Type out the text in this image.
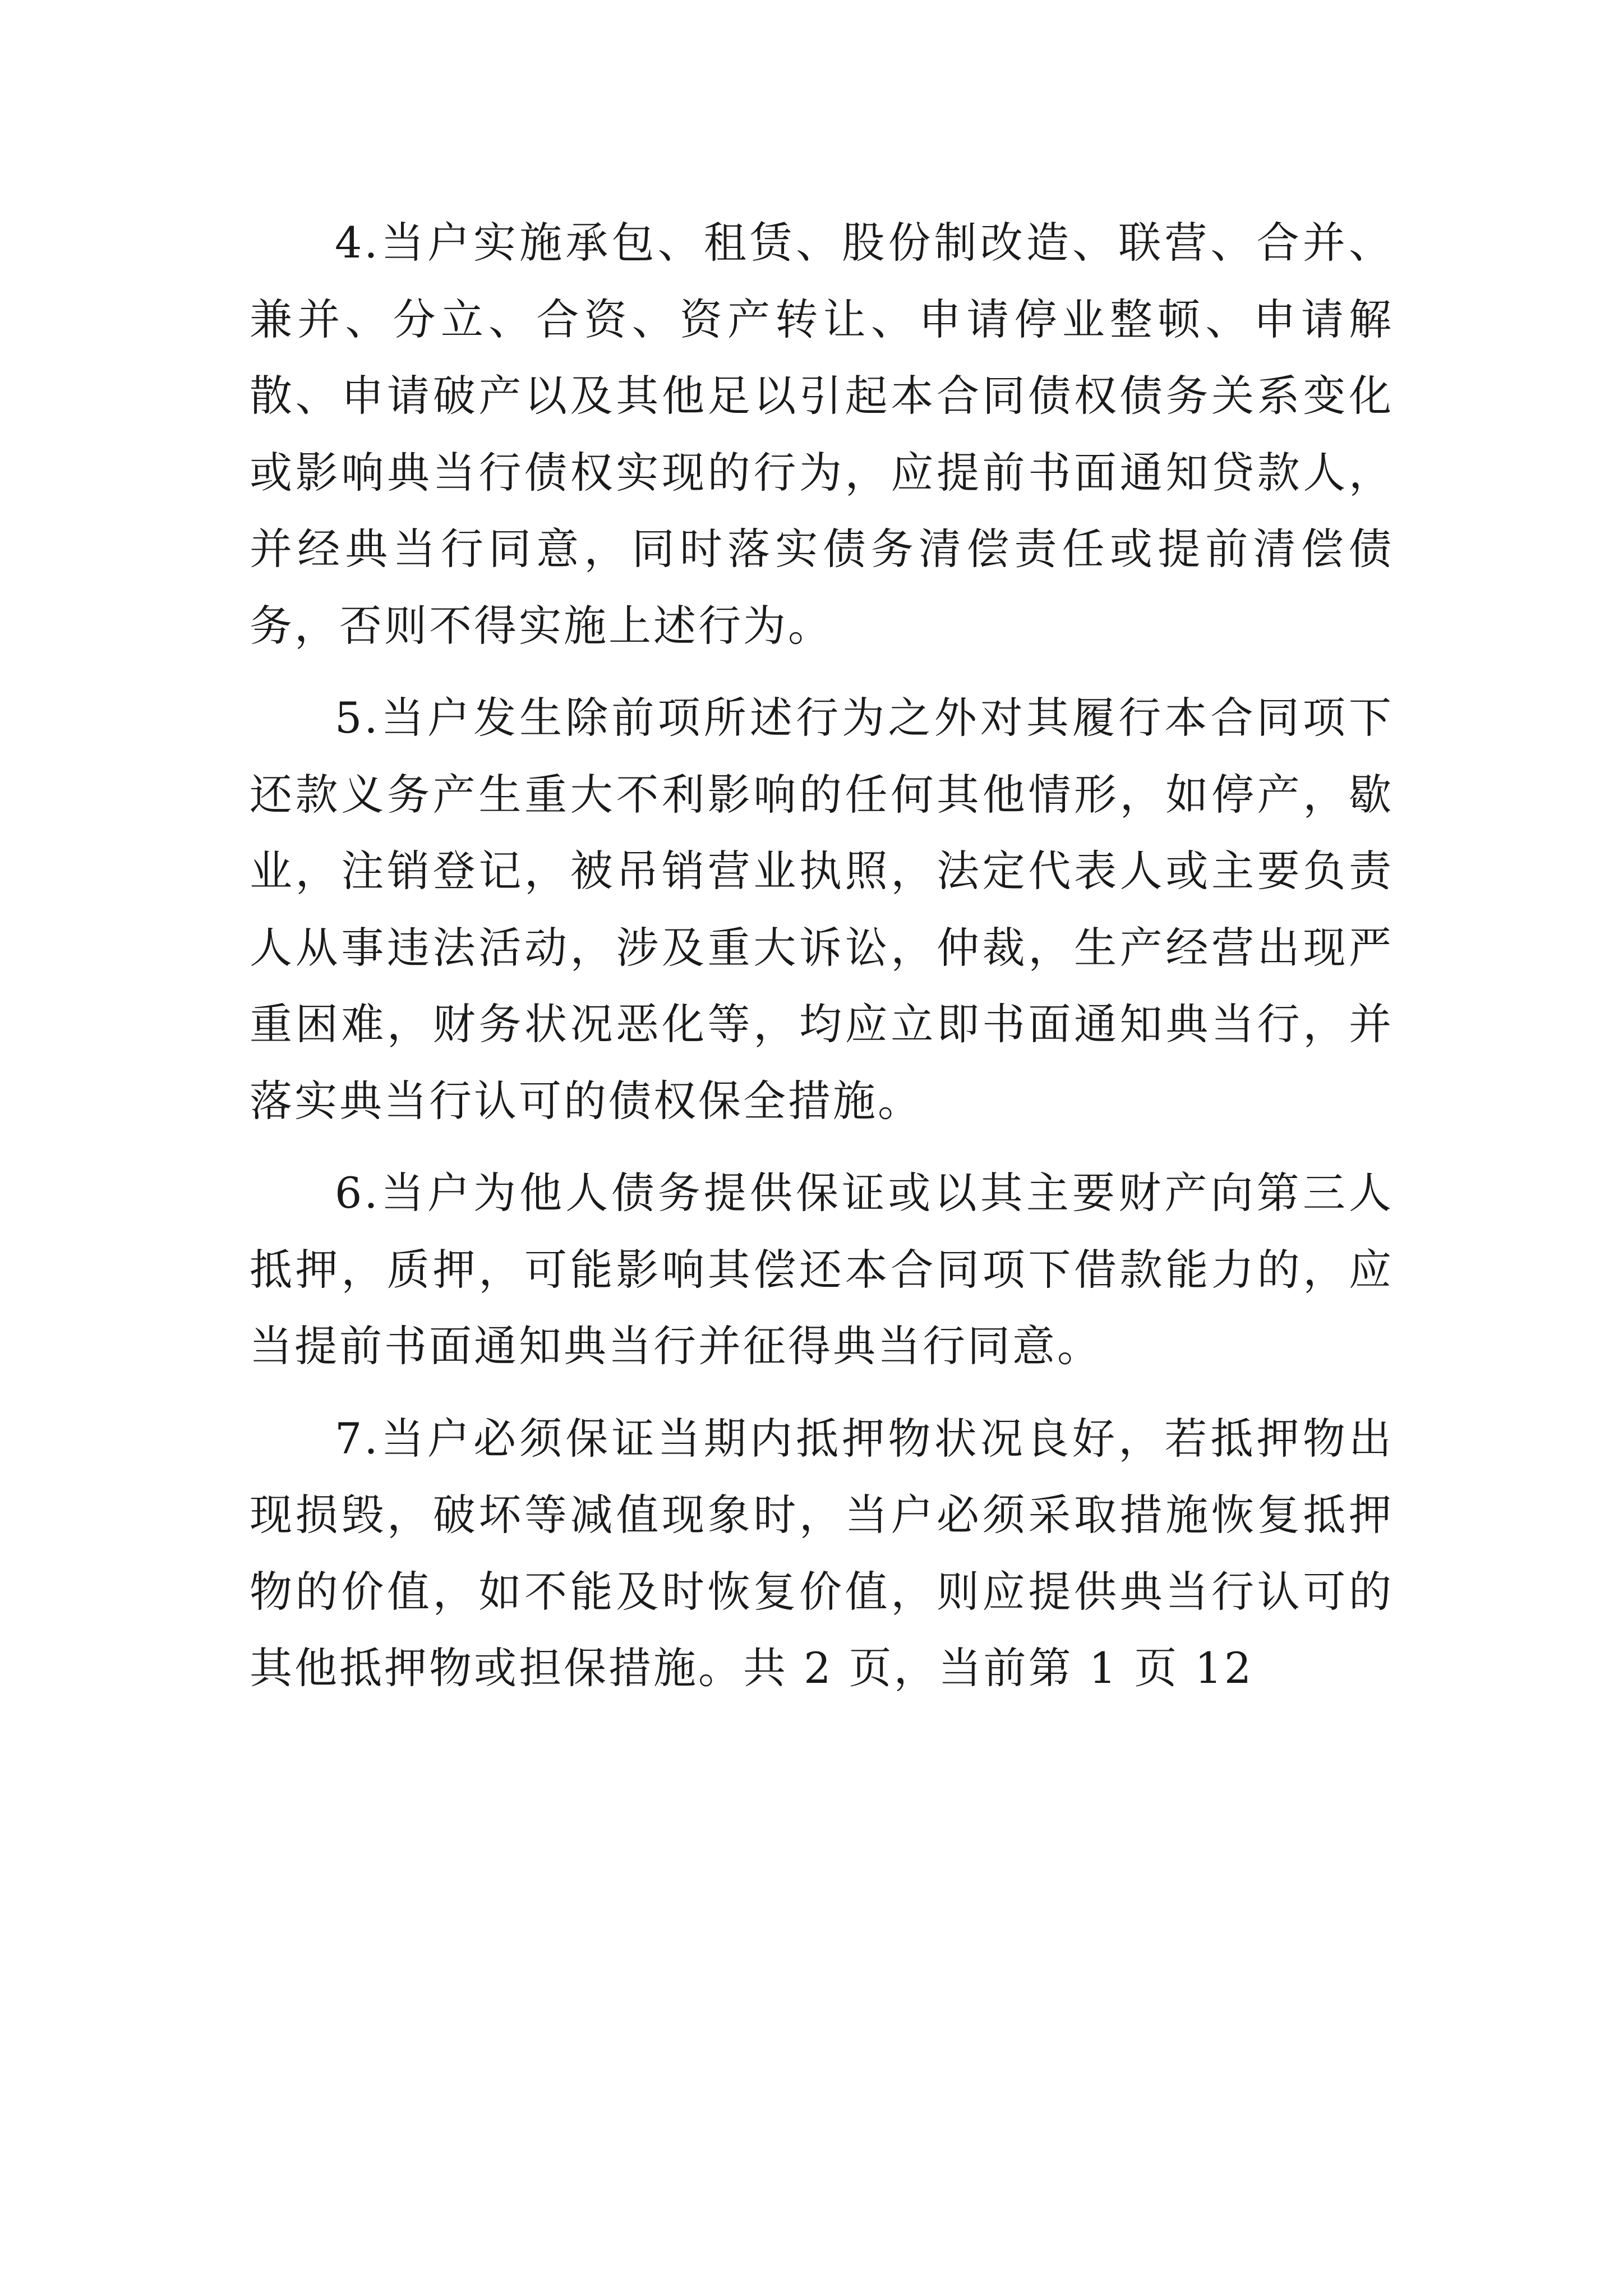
4.当户实施承包、租赁、股份制改造、联营、合并、兼并、分立、合资、资产转让、申请停业整顿、申请解散、申请破产以及其他足以引起本合同债权债务关系变化或影响典当行债权实现的行为，应提前书面通知贷款人，并经典当行同意，同时落实债务清偿责任或提前清偿债务，否则不得实施上述行为。

5.当户发生除前项所述行为之外对其履行本合同项下还款义务产生重大不利影响的任何其他情形，如停产，歇业，注销登记，被吊销营业执照，法定代表人或主要负责人从事违法活动，涉及重大诉讼，仲裁，生产经营出现严重困难，财务状况恶化等，均应立即书面通知典当行，并落实典当行认可的债权保全措施。

6.当户为他人债务提供保证或以其主要财产向第三人抵押，质押，可能影响其偿还本合同项下借款能力的，应当提前书面通知典当行并征得典当行同意。

7.当户必须保证当期内抵押物状况良好，若抵押物出现损毁，破坏等减值现象时，当户必须采取措施恢复抵押物的价值，如不能及时恢复价值，则应提供典当行认可的其他抵押物或担保措施。共 2 页，当前第 1 页 12
